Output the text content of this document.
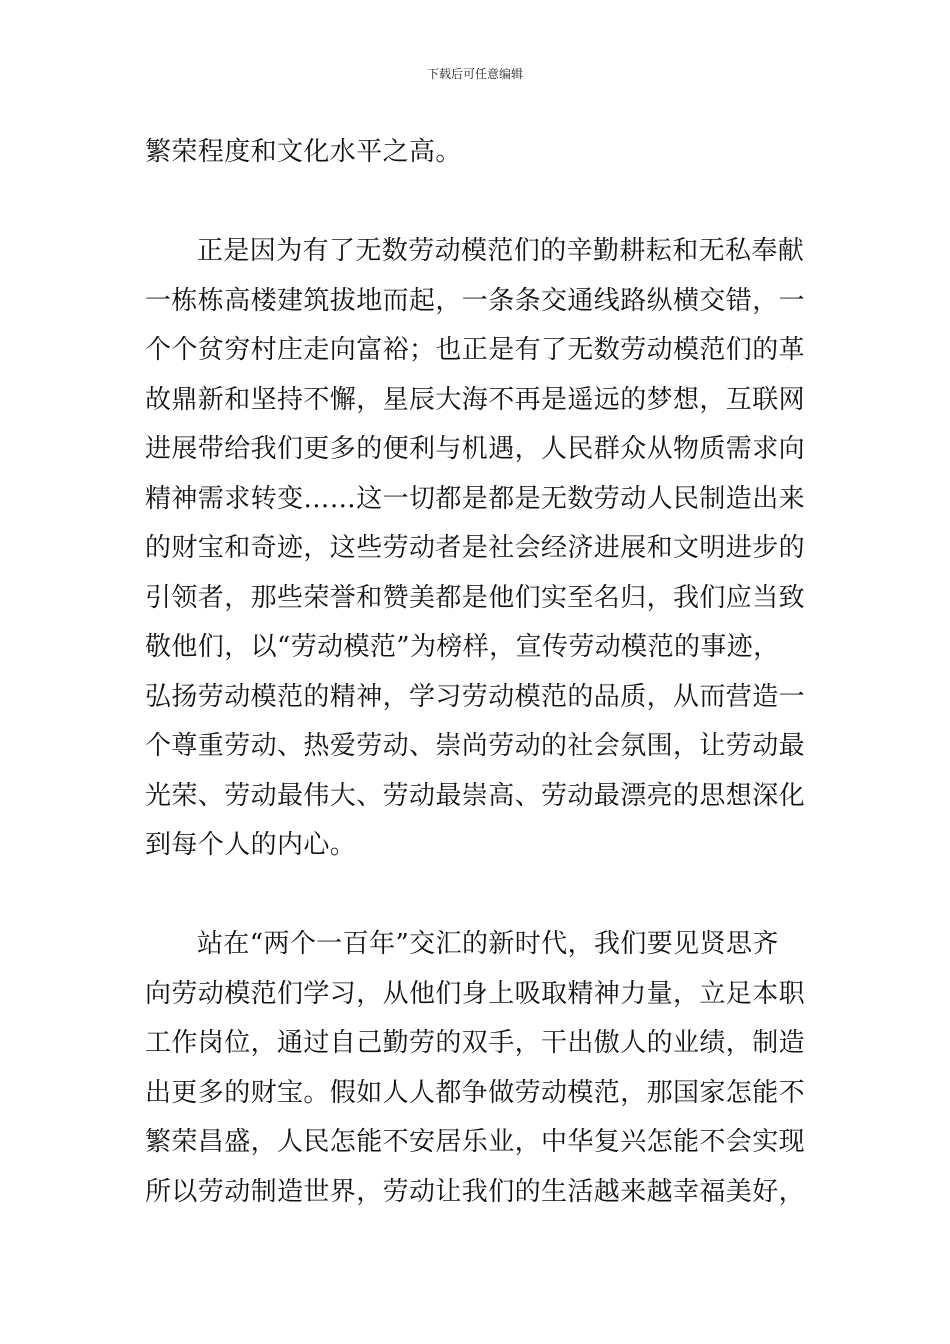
下载后可任意编辑
繁荣程度和文化水平之高。
正是因为有了无数劳动模范们的辛勤耕耘和无私奉献
一栋栋高楼建筑拔地而起，一条条交通线路纵横交错，一
个个贫穷村庄走向富裕；也正是有了无数劳动模范们的革
故鼎新和坚持不懈，星辰大海不再是遥远的梦想，互联网
进展带给我们更多的便利与机遇，人民群众从物质需求向
精神需求转变……这一切都是都是无数劳动人民制造出来
的财宝和奇迹，这些劳动者是社会经济进展和文明进步的
引领者，那些荣誉和赞美都是他们实至名归，我们应当致
敬他们，以“劳动模范”为榜样，宣传劳动模范的事迹，
弘扬劳动模范的精神，学习劳动模范的品质，从而营造一
个尊重劳动、热爱劳动、崇尚劳动的社会氛围，让劳动最
光荣、劳动最伟大、劳动最崇高、劳动最漂亮的思想深化
到每个人的内心。
站在“两个一百年”交汇的新时代，我们要见贤思齐
向劳动模范们学习，从他们身上吸取精神力量，立足本职
工作岗位，通过自己勤劳的双手，干出傲人的业绩，制造
出更多的财宝。假如人人都争做劳动模范，那国家怎能不
繁荣昌盛，人民怎能不安居乐业，中华复兴怎能不会实现
所以劳动制造世界，劳动让我们的生活越来越幸福美好，
